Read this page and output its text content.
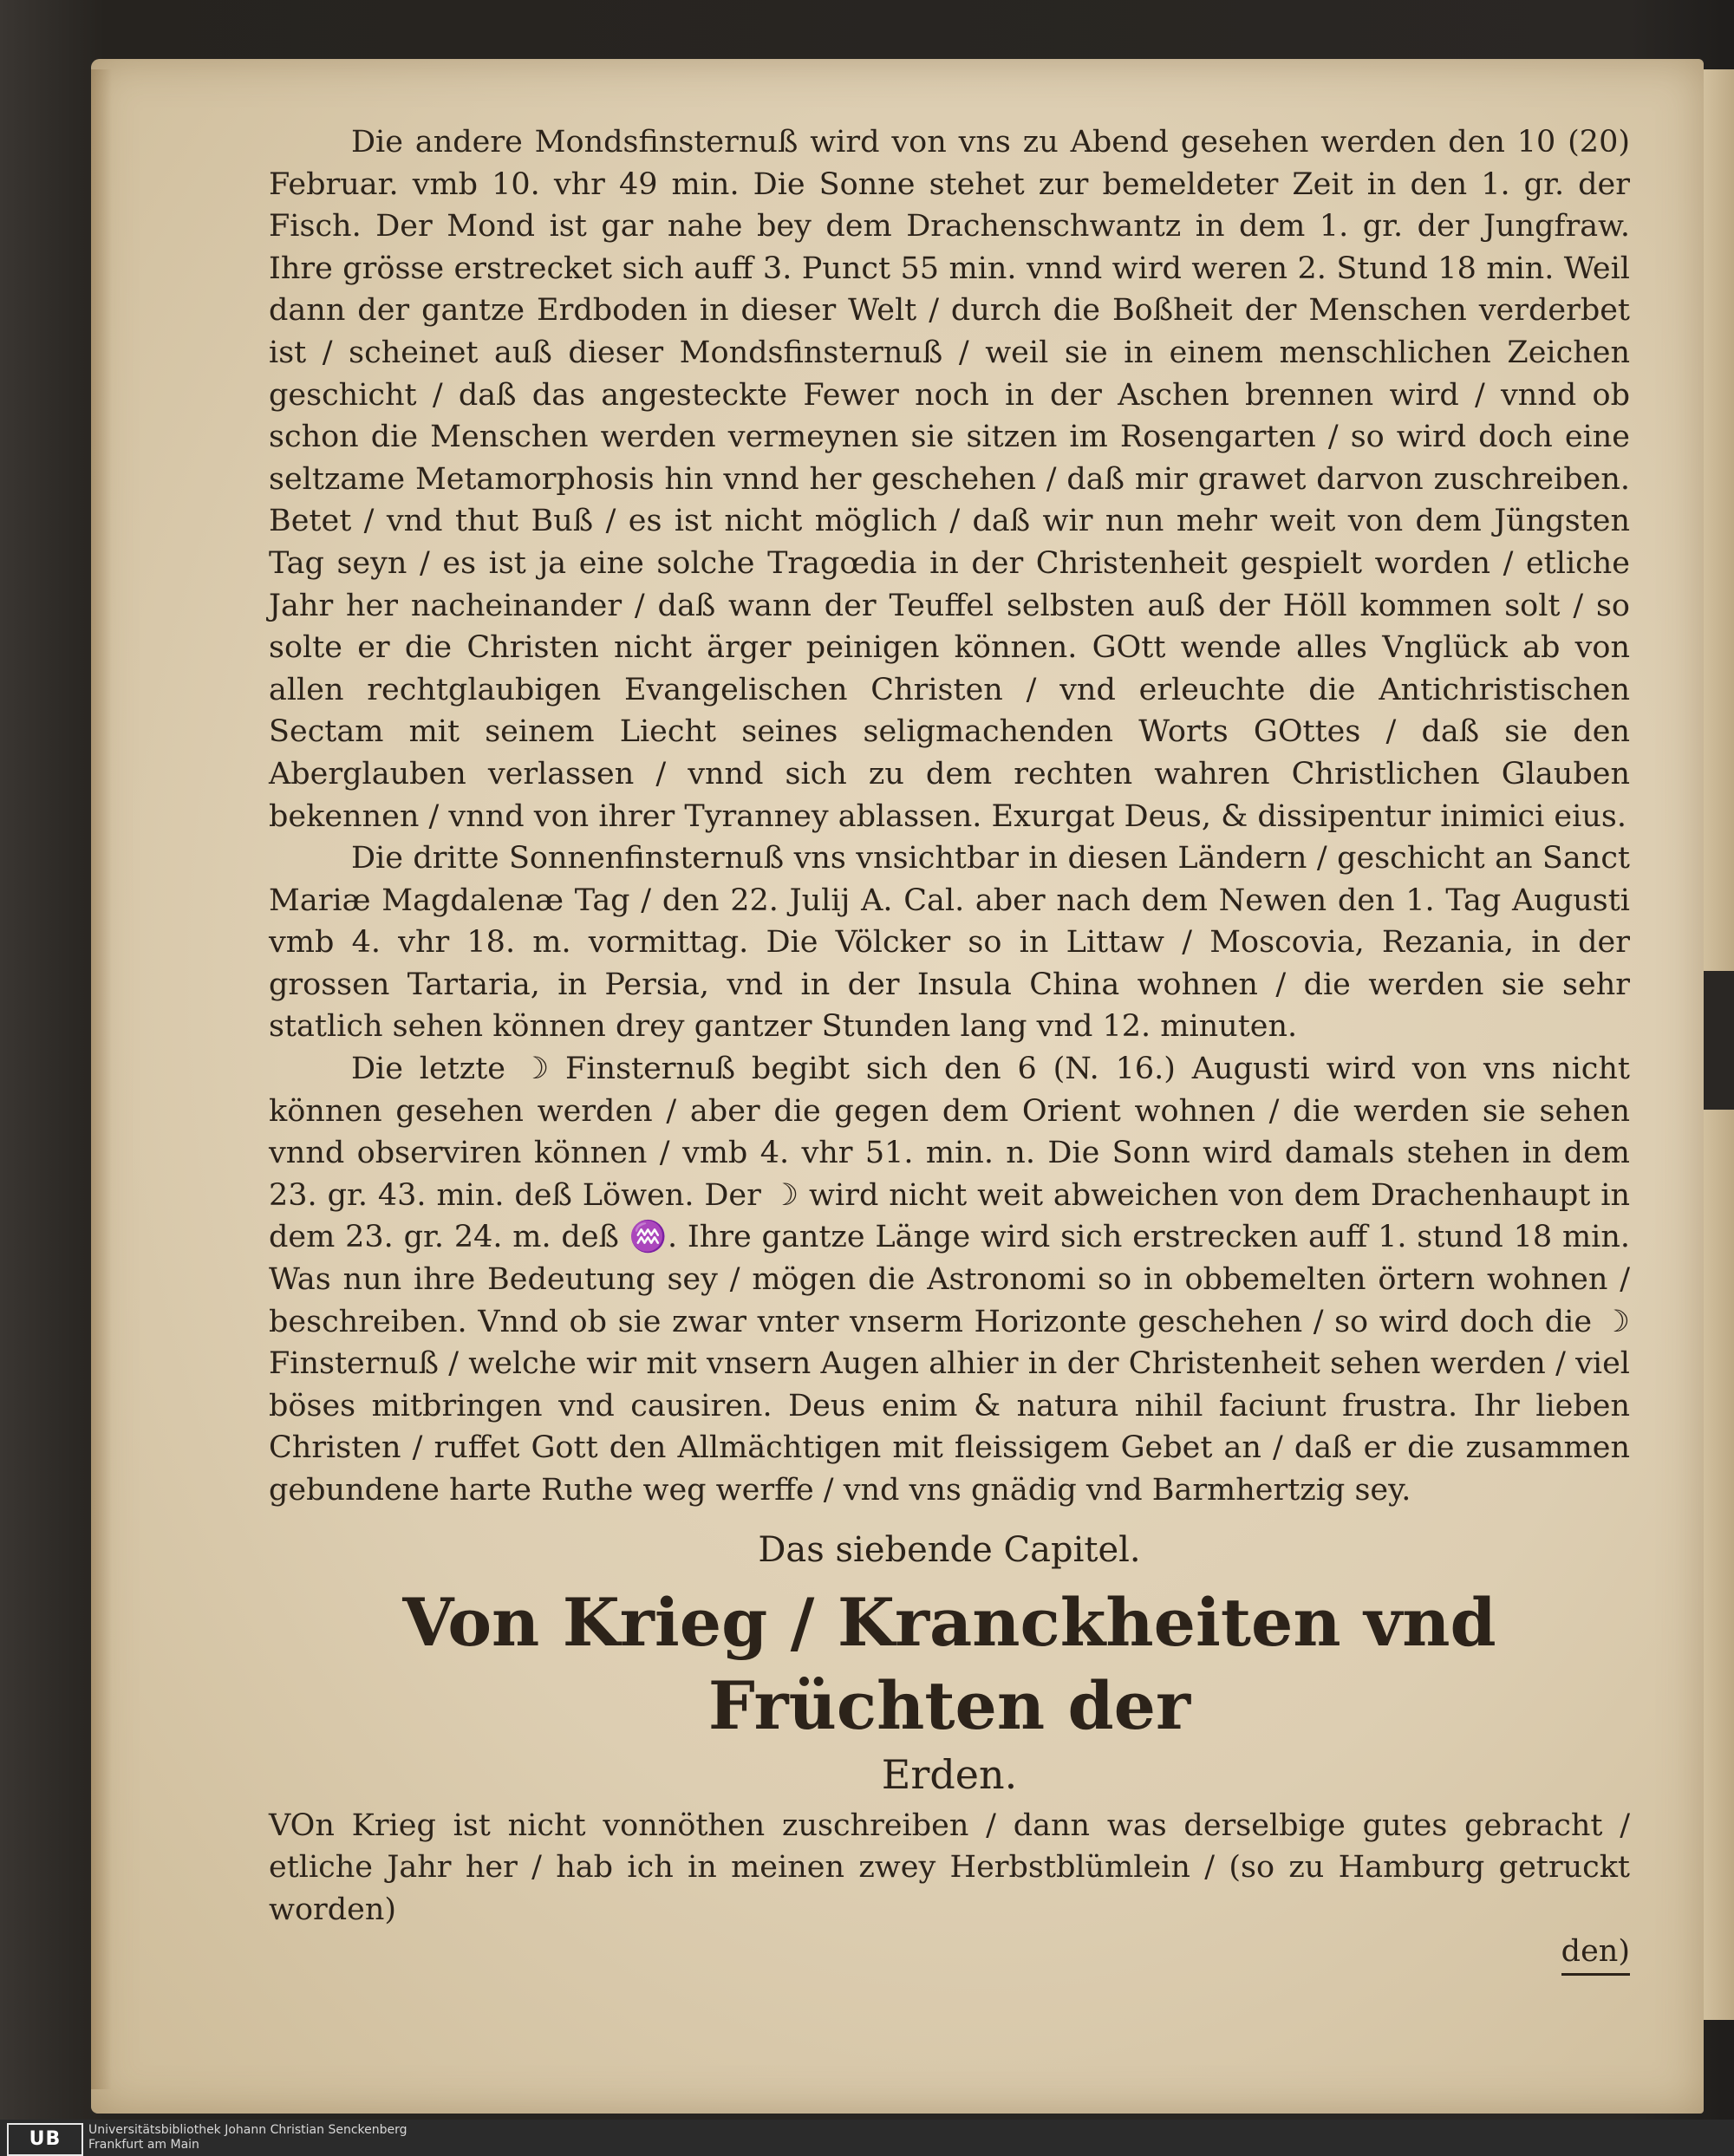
Die andere Mondsfinsternuß wird von vns zu Abend gesehen werden den 10 (20) Februar. vmb 10. vhr 49 min. Die Sonne stehet zur bemeldeter Zeit in den 1. gr. der Fisch. Der Mond ist gar nahe bey dem Drachenschwantz in dem 1. gr. der Jungfraw. Ihre grösse erstrecket sich auff 3. Punct 55 min. vnnd wird weren 2. Stund 18 min. Weil dann der gantze Erdboden in dieser Welt / durch die Boßheit der Menschen verderbet ist / scheinet auß dieser Mondsfinsternuß / weil sie in einem menschlichen Zeichen geschicht / daß das angesteckte Fewer noch in der Aschen brennen wird / vnnd ob schon die Menschen werden vermeynen sie sitzen im Rosengarten / so wird doch eine seltzame Metamorphosis hin vnnd her geschehen / daß mir grawet darvon zuschreiben. Betet / vnd thut Buß / es ist nicht möglich / daß wir nun mehr weit von dem Jüngsten Tag seyn / es ist ja eine solche Tragœdia in der Christenheit gespielt worden / etliche Jahr her nacheinander / daß wann der Teuffel selbsten auß der Höll kommen solt / so solte er die Christen nicht ärger peinigen können. GOtt wende alles Vnglück ab von allen rechtglaubigen Evangelischen Christen / vnd erleuchte die Antichristischen Sectam mit seinem Liecht seines seligmachenden Worts GOttes / daß sie den Aberglauben verlassen / vnnd sich zu dem rechten wahren Christlichen Glauben bekennen / vnnd von ihrer Tyranney ablassen. Exurgat Deus, & dissipentur inimici eius.

Die dritte Sonnenfinsternuß vns vnsichtbar in diesen Ländern / geschicht an Sanct Mariæ Magdalenæ Tag / den 22. Julij A. Cal. aber nach dem Newen den 1. Tag Augusti vmb 4. vhr 18. m. vormittag. Die Völcker so in Littaw / Moscovia, Rezania, in der grossen Tartaria, in Persia, vnd in der Insula China wohnen / die werden sie sehr statlich sehen können drey gantzer Stunden lang vnd 12. minuten.

Die letzte ☽ Finsternuß begibt sich den 6 (N. 16.) Augusti wird von vns nicht können gesehen werden / aber die gegen dem Orient wohnen / die werden sie sehen vnnd observiren können / vmb 4. vhr 51. min. n. Die Sonn wird damals stehen in dem 23. gr. 43. min. deß Löwen. Der ☽ wird nicht weit abweichen von dem Drachenhaupt in dem 23. gr. 24. m. deß ♒. Ihre gantze Länge wird sich erstrecken auff 1. stund 18 min. Was nun ihre Bedeutung sey / mögen die Astronomi so in obbemelten örtern wohnen / beschreiben. Vnnd ob sie zwar vnter vnserm Horizonte geschehen / so wird doch die ☽ Finsternuß / welche wir mit vnsern Augen alhier in der Christenheit sehen werden / viel böses mitbringen vnd causiren. Deus enim & natura nihil faciunt frustra. Ihr lieben Christen / ruffet Gott den Allmächtigen mit fleissigem Gebet an / daß er die zusammen gebundene harte Ruthe weg werffe / vnd vns gnädig vnd Barmhertzig sey.

Das siebende Capitel.
Von Krieg / Kranckheiten vnd Früchten der
Erden.

VOn Krieg ist nicht vonnöthen zuschreiben / dann was derselbige gutes gebracht / etliche Jahr her / hab ich in meinen zwey Herbstblümlein / (so zu Hamburg getruckt worden)

den)

UB	Universitätsbibliothek Johann Christian Senckenberg
Frankfurt am Main
